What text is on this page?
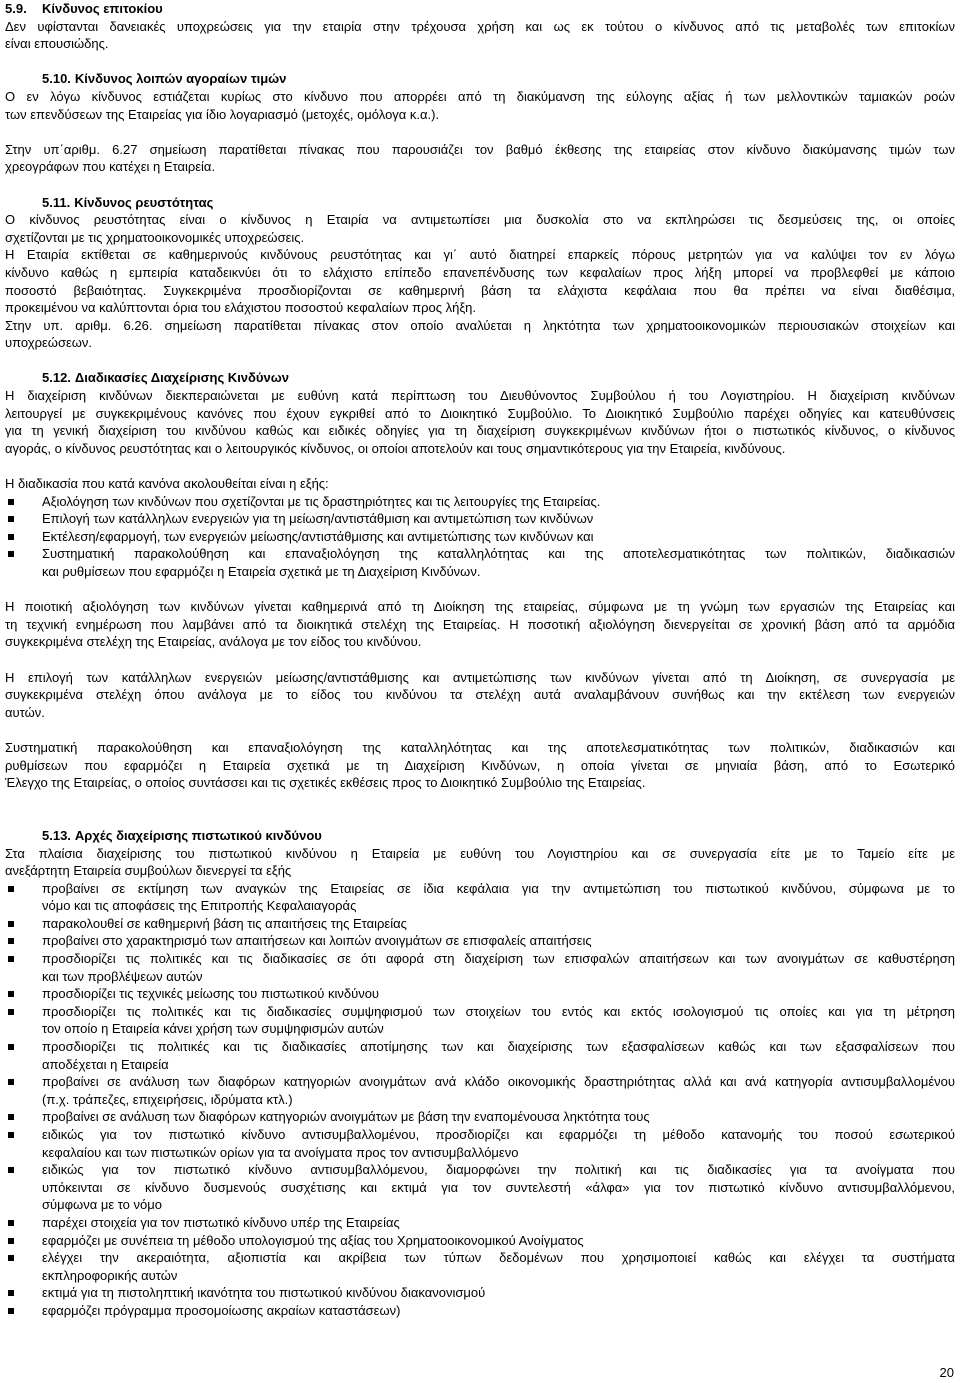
5.9. Κίνδυνος επιτοκίου
Δεν υφίστανται δανειακές υποχρεώσεις για την εταιρία στην τρέχουσα χρήση και ως εκ τούτου ο κίνδυνος από τις μεταβολές των επιτοκίων
είναι επουσιώδης.
5.10. Κίνδυνος λοιπών αγοραίων τιμών
Ο εν λόγω κίνδυνος εστιάζεται κυρίως στο κίνδυνο που απορρέει από τη διακύμανση της εύλογης αξίας ή των μελλοντικών ταμιακών ροών
των επενδύσεων της Εταιρείας για ίδιο λογαριασμό (μετοχές, ομόλογα κ.α.).
Στην υπ΄αριθμ. 6.27 σημείωση παρατίθεται πίνακας που παρουσιάζει τον βαθμό έκθεσης της εταιρείας στον κίνδυνο διακύμανσης τιμών των
χρεογράφων που κατέχει η Εταιρεία.
5.11. Κίνδυνος ρευστότητας
Ο κίνδυνος ρευστότητας είναι ο κίνδυνος η Εταιρία να αντιμετωπίσει μια δυσκολία στο να εκπληρώσει τις δεσμεύσεις της, οι οποίες
σχετίζονται με τις χρηματοοικονομικές υποχρεώσεις.
Η Εταιρία εκτίθεται σε καθημερινούς κινδύνους ρευστότητας και γι΄ αυτό διατηρεί επαρκείς πόρους μετρητών για να καλύψει τον εν λόγω
κίνδυνο καθώς η εμπειρία καταδεικνύει ότι το ελάχιστο επίπεδο επανεπένδυσης των κεφαλαίων προς λήξη μπορεί να προβλεφθεί με κάποιο
ποσοστό βεβαιότητας. Συγκεκριμένα προσδιορίζονται σε καθημερινή βάση τα ελάχιστα κεφάλαια που θα πρέπει να είναι διαθέσιμα,
προκειμένου να καλύπτονται όρια του ελάχιστου ποσοστού κεφαλαίων προς λήξη.
Στην υπ. αριθμ. 6.26. σημείωση παρατίθεται πίνακας στον οποίο αναλύεται η ληκτότητα των χρηματοοικονομικών περιουσιακών στοιχείων και
υποχρεώσεων.
5.12. Διαδικασίες Διαχείρισης Κινδύνων
Η διαχείριση κινδύνων διεκπεραιώνεται με ευθύνη κατά περίπτωση του Διευθύνοντος Συμβούλου ή του Λογιστηρίου. Η διαχείριση κινδύνων
λειτουργεί με συγκεκριμένους κανόνες που έχουν εγκριθεί από το Διοικητικό Συμβούλιο. Το Διοικητικό Συμβούλιο παρέχει οδηγίες και κατευθύνσεις
για τη γενική διαχείριση του κινδύνου καθώς και ειδικές οδηγίες για τη διαχείριση συγκεκριμένων κινδύνων ήτοι ο πιστωτικός κίνδυνος, ο κίνδυνος
αγοράς, ο κίνδυνος ρευστότητας και ο λειτουργικός κίνδυνος, οι οποίοι αποτελούν και τους σημαντικότερους για την Εταιρεία, κινδύνους.
Η διαδικασία που κατά κανόνα ακολουθείται είναι η εξής:
Αξιολόγηση των κινδύνων που σχετίζονται με τις δραστηριότητες και τις λειτουργίες της Εταιρείας.
Επιλογή των κατάλληλων ενεργειών για τη μείωση/αντιστάθμιση και αντιμετώπιση των κινδύνων
Εκτέλεση/εφαρμογή, των ενεργειών μείωσης/αντιστάθμισης και αντιμετώπισης των κινδύνων και
Συστηματική παρακολούθηση και επαναξιολόγηση της καταλληλότητας και της αποτελεσματικότητας των πολιτικών, διαδικασιών
και ρυθμίσεων που εφαρμόζει η Εταιρεία σχετικά με τη Διαχείριση Κινδύνων.
Η ποιοτική αξιολόγηση των κινδύνων γίνεται καθημερινά από τη Διοίκηση της εταιρείας, σύμφωνα με τη γνώμη των εργασιών της Εταιρείας και
τη τεχνική ενημέρωση που λαμβάνει από τα διοικητικά στελέχη της Εταιρείας. Η ποσοτική αξιολόγηση διενεργείται σε χρονική βάση από τα αρμόδια
συγκεκριμένα στελέχη της Εταιρείας, ανάλογα με τον είδος του κινδύνου.
Η επιλογή των κατάλληλων ενεργειών μείωσης/αντιστάθμισης και αντιμετώπισης των κινδύνων γίνεται από τη Διοίκηση, σε συνεργασία με
συγκεκριμένα στελέχη όπου ανάλογα με το είδος του κινδύνου τα στελέχη αυτά αναλαμβάνουν συνήθως και την εκτέλεση των ενεργειών
αυτών.
Συστηματική παρακολούθηση και επαναξιολόγηση της καταλληλότητας και της αποτελεσματικότητας των πολιτικών, διαδικασιών και
ρυθμίσεων που εφαρμόζει η Εταιρεία σχετικά με τη Διαχείριση Κινδύνων, η οποία γίνεται σε μηνιαία βάση, από το Εσωτερικό
Έλεγχο της Εταιρείας, ο οποίος συντάσσει και τις σχετικές εκθέσεις προς το Διοικητικό Συμβούλιο της Εταιρείας.
5.13. Αρχές διαχείρισης πιστωτικού κινδύνου
Στα πλαίσια διαχείρισης του πιστωτικού κινδύνου η Εταιρεία με ευθύνη του Λογιστηρίου και σε συνεργασία είτε με το Ταμείο είτε με
ανεξάρτητη Εταιρεία συμβούλων διενεργεί τα εξής
προβαίνει σε εκτίμηση των αναγκών της Εταιρείας σε ίδια κεφάλαια για την αντιμετώπιση του πιστωτικού κινδύνου, σύμφωνα με το
νόμο και τις αποφάσεις της Επιτροπής Κεφαλαιαγοράς
παρακολουθεί σε καθημερινή βάση τις απαιτήσεις της Εταιρείας
προβαίνει στο χαρακτηρισμό των απαιτήσεων και λοιπών ανοιγμάτων σε επισφαλείς απαιτήσεις
προσδιορίζει τις πολιτικές και τις διαδικασίες σε ότι αφορά στη διαχείριση των επισφαλών απαιτήσεων και των ανοιγμάτων σε καθυστέρηση
και των προβλέψεων αυτών
προσδιορίζει τις τεχνικές μείωσης του πιστωτικού κινδύνου
προσδιορίζει τις πολιτικές και τις διαδικασίες συμψηφισμού των στοιχείων του εντός και εκτός ισολογισμού τις οποίες και για τη μέτρηση
τον οποίο η Εταιρεία κάνει χρήση των συμψηφισμών αυτών
προσδιορίζει τις πολιτικές και τις διαδικασίες αποτίμησης των και διαχείρισης των εξασφαλίσεων καθώς και των εξασφαλίσεων που
αποδέχεται η Εταιρεία
προβαίνει σε ανάλυση των διαφόρων κατηγοριών ανοιγμάτων ανά κλάδο οικονομικής δραστηριότητας αλλά και ανά κατηγορία αντισυμβαλλομένου
(π.χ. τράπεζες, επιχειρήσεις, ιδρύματα κτλ.)
προβαίνει σε ανάλυση των διαφόρων κατηγοριών ανοιγμάτων με βάση την εναπομένουσα ληκτότητα τους
ειδικώς για τον πιστωτικό κίνδυνο αντισυμβαλλομένου, προσδιορίζει και εφαρμόζει τη μέθοδο κατανομής του ποσού εσωτερικού
κεφαλαίου και των πιστωτικών ορίων για τα ανοίγματα προς τον αντισυμβαλλόμενο
ειδικώς για τον πιστωτικό κίνδυνο αντισυμβαλλόμενου, διαμορφώνει την πολιτική και τις διαδικασίες για τα ανοίγματα που
υπόκεινται σε κίνδυνο δυσμενούς συσχέτισης και εκτιμά για τον συντελεστή «άλφα» για τον πιστωτικό κίνδυνο αντισυμβαλλόμενου,
σύμφωνα με το νόμο
παρέχει στοιχεία για τον πιστωτικό κίνδυνο υπέρ της Εταιρείας
εφαρμόζει με συνέπεια τη μέθοδο υπολογισμού της αξίας του Χρηματοοικονομικού Ανοίγματος
ελέγχει την ακεραιότητα, αξιοπιστία και ακρίβεια των τύπων δεδομένων που χρησιμοποιεί καθώς και ελέγχει τα συστήματα
εκπληροφορικής αυτών
εκτιμά για τη πιστοληπτική ικανότητα του πιστωτικού κινδύνου διακανονισμού
εφαρμόζει πρόγραμμα προσομοίωσης ακραίων καταστάσεων)
20
